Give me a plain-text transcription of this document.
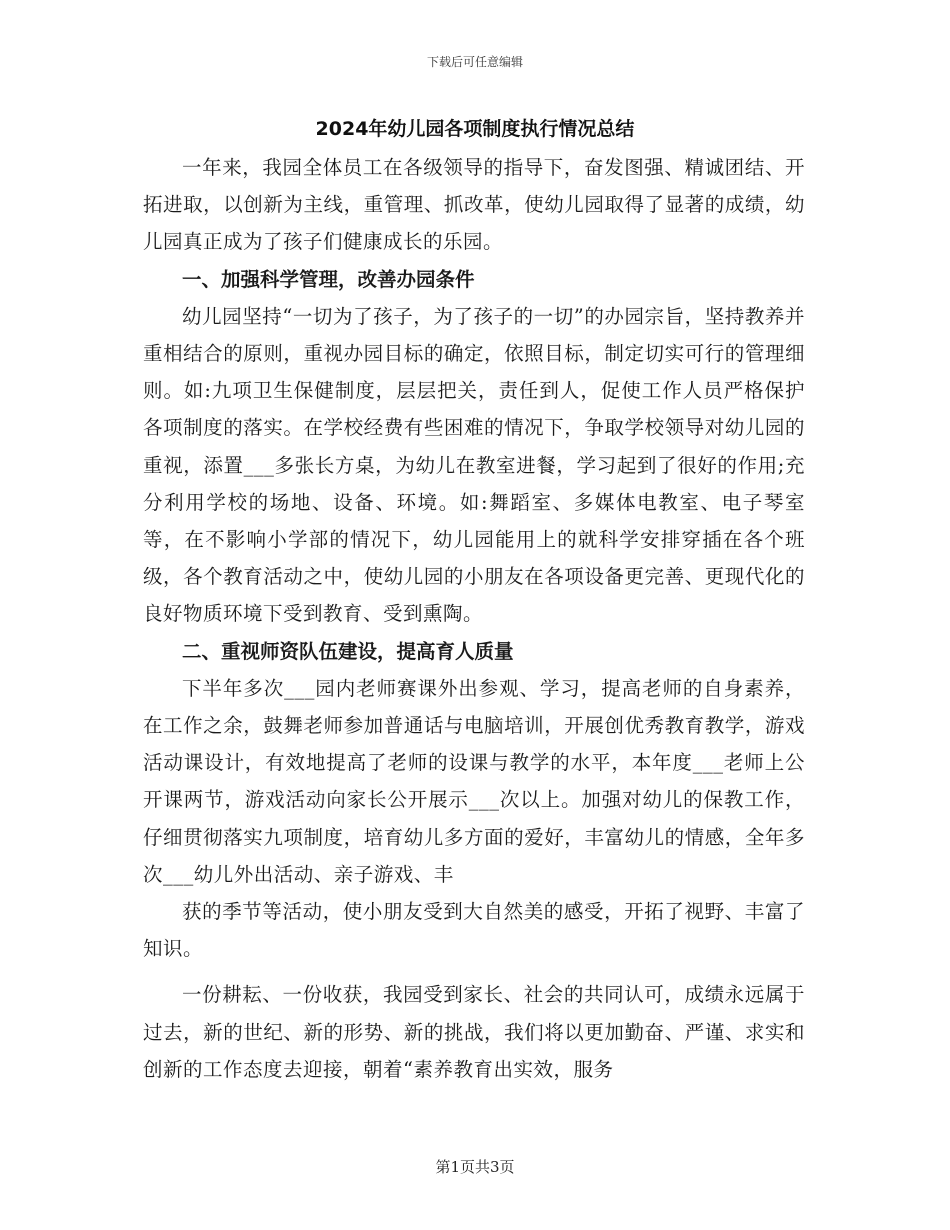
下载后可任意编辑
2024年幼儿园各项制度执行情况总结

一年来，我园全体员工在各级领导的指导下，奋发图强、精诚团结、开拓进取，以创新为主线，重管理、抓改革，使幼儿园取得了显著的成绩，幼儿园真正成为了孩子们健康成长的乐园。

一、加强科学管理，改善办园条件

幼儿园坚持“一切为了孩子，为了孩子的一切”的办园宗旨，坚持教养并重相结合的原则，重视办园目标的确定，依照目标，制定切实可行的管理细则。如:九项卫生保健制度，层层把关，责任到人，促使工作人员严格保护各项制度的落实。在学校经费有些困难的情况下，争取学校领导对幼儿园的重视，添置___多张长方桌，为幼儿在教室进餐，学习起到了很好的作用;充分利用学校的场地、设备、环境。如:舞蹈室、多媒体电教室、电子琴室等，在不影响小学部的情况下，幼儿园能用上的就科学安排穿插在各个班级，各个教育活动之中，使幼儿园的小朋友在各项设备更完善、更现代化的良好物质环境下受到教育、受到熏陶。

二、重视师资队伍建设，提高育人质量

下半年多次___园内老师赛课外出参观、学习，提高老师的自身素养，在工作之余，鼓舞老师参加普通话与电脑培训，开展创优秀教育教学，游戏活动课设计，有效地提高了老师的设课与教学的水平，本年度___老师上公开课两节，游戏活动向家长公开展示___次以上。加强对幼儿的保教工作，仔细贯彻落实九项制度，培育幼儿多方面的爱好，丰富幼儿的情感，全年多次___幼儿外出活动、亲子游戏、丰

获的季节等活动，使小朋友受到大自然美的感受，开拓了视野、丰富了知识。

一份耕耘、一份收获，我园受到家长、社会的共同认可，成绩永远属于过去，新的世纪、新的形势、新的挑战，我们将以更加勤奋、严谨、求实和创新的工作态度去迎接，朝着“素养教育出实效，服务

第1页共3页
